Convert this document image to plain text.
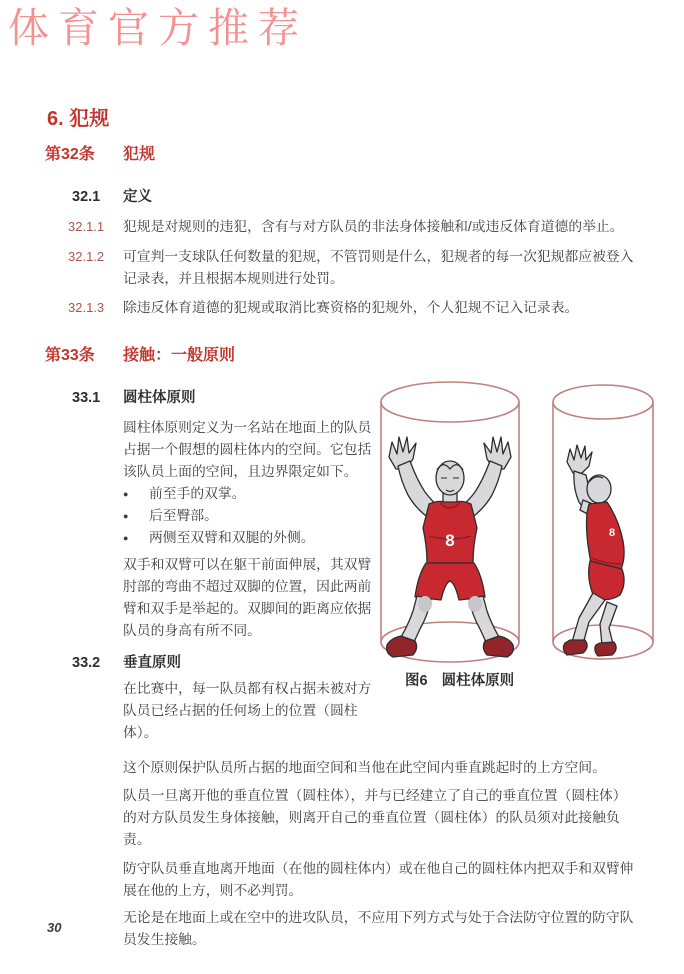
体育官方推荐
6. 犯规
第32条	犯规
32.1	定义
32.1.1	犯规是对规则的违犯，含有与对方队员的非法身体接触和/或违反体育道德的举止。

32.1.2	可宣判一支球队任何数量的犯规，不管罚则是什么，犯规者的每一次犯规都应被登入记录表，并且根据本规则进行处罚。

32.1.3	除违反体育道德的犯规或取消比赛资格的犯规外，个人犯规不记入记录表。

第33条	接触：一般原则
33.1	圆柱体原则

圆柱体原则定义为一名站在地面上的队员占据一个假想的圆柱体内的空间。它包括该队员上面的空间，且边界限定如下。

●	前至手的双掌。

●	后至臀部。

●	两侧至双臂和双腿的外侧。

双手和双臂可以在躯干前面伸展，其双臂肘部的弯曲不超过双脚的位置，因此两前臂和双手是举起的。双脚间的距离应依据队员的身高有所不同。

33.2	垂直原则

在比赛中，每一队员都有权占据未被对方队员已经占据的任何场上的位置（圆柱体）。

这个原则保护队员所占据的地面空间和当他在此空间内垂直跳起时的上方空间。

队员一旦离开他的垂直位置（圆柱体），并与已经建立了自己的垂直位置（圆柱体）的对方队员发生身体接触，则离开自己的垂直位置（圆柱体）的队员须对此接触负责。

防守队员垂直地离开地面（在他的圆柱体内）或在他自己的圆柱体内把双手和双臂伸展在他的上方，则不必判罚。

无论是在地面上或在空中的进攻队员，不应用下列方式与处于合法防守位置的防守队员发生接触。

8	8
图6 圆柱体原则
30
